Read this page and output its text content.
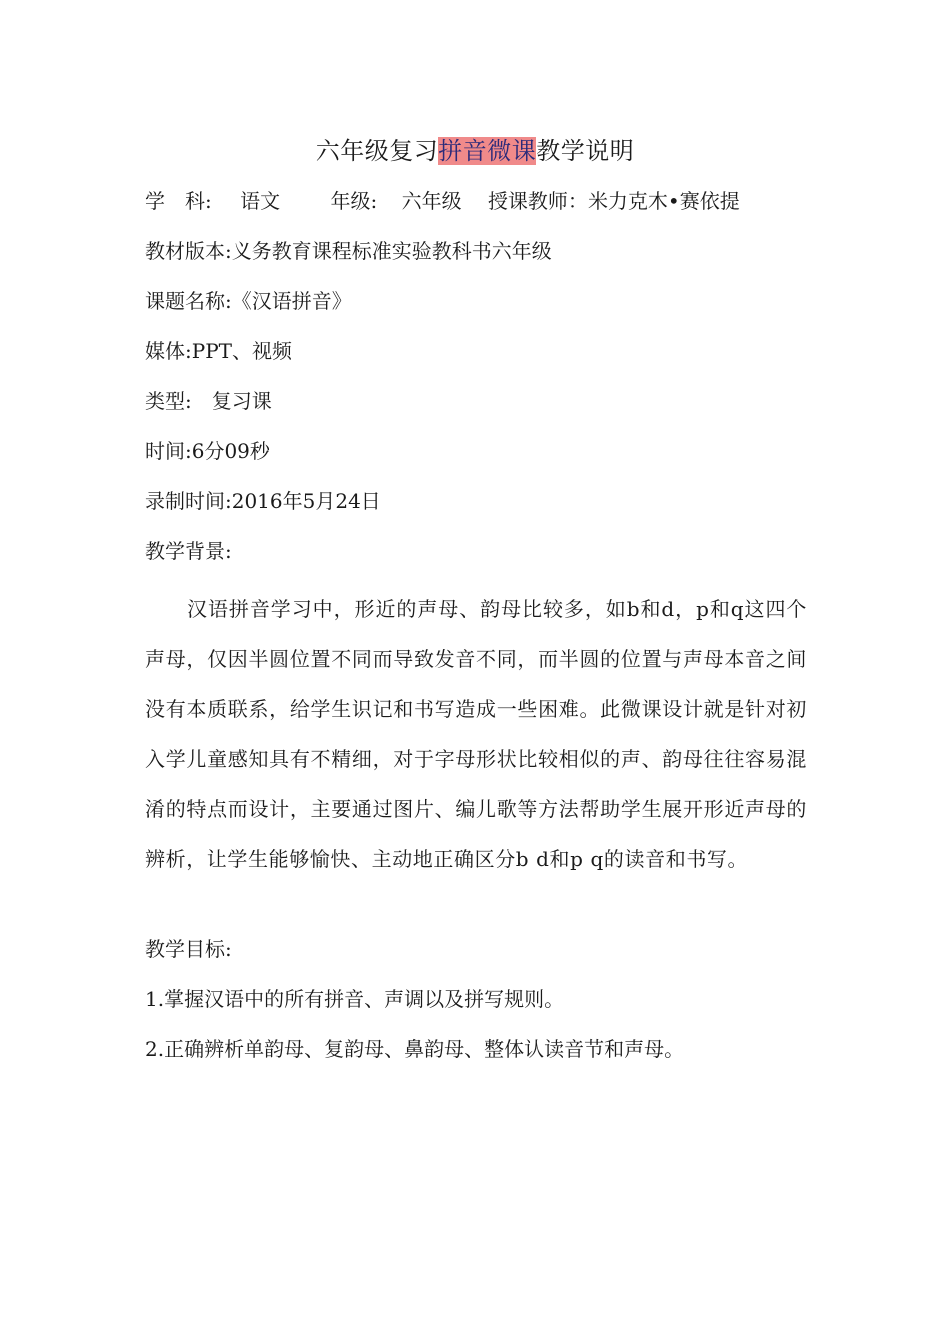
六年级复习拼音微课教学说明
学　科: 语文	年级: 六年级 授课教师：米力克木•赛依提
教材版本:义务教育课程标准实验教科书六年级
课题名称:《汉语拼音》
媒体:PPT、视频
类型:　复习课
时间:6分09秒
录制时间:2016年5月24日
教学背景:
汉语拼音学习中，形近的声母、韵母比较多，如b和d，p和q这四个声母，仅因半圆位置不同而导致发音不同，而半圆的位置与声母本音之间没有本质联系，给学生识记和书写造成一些困难。此微课设计就是针对初入学儿童感知具有不精细，对于字母形状比较相似的声、韵母往往容易混淆的特点而设计，主要通过图片、编儿歌等方法帮助学生展开形近声母的辨析，让学生能够愉快、主动地正确区分b d和p q的读音和书写。
教学目标:
1.掌握汉语中的所有拼音、声调以及拼写规则。
2.正确辨析单韵母、复韵母、鼻韵母、整体认读音节和声母。
